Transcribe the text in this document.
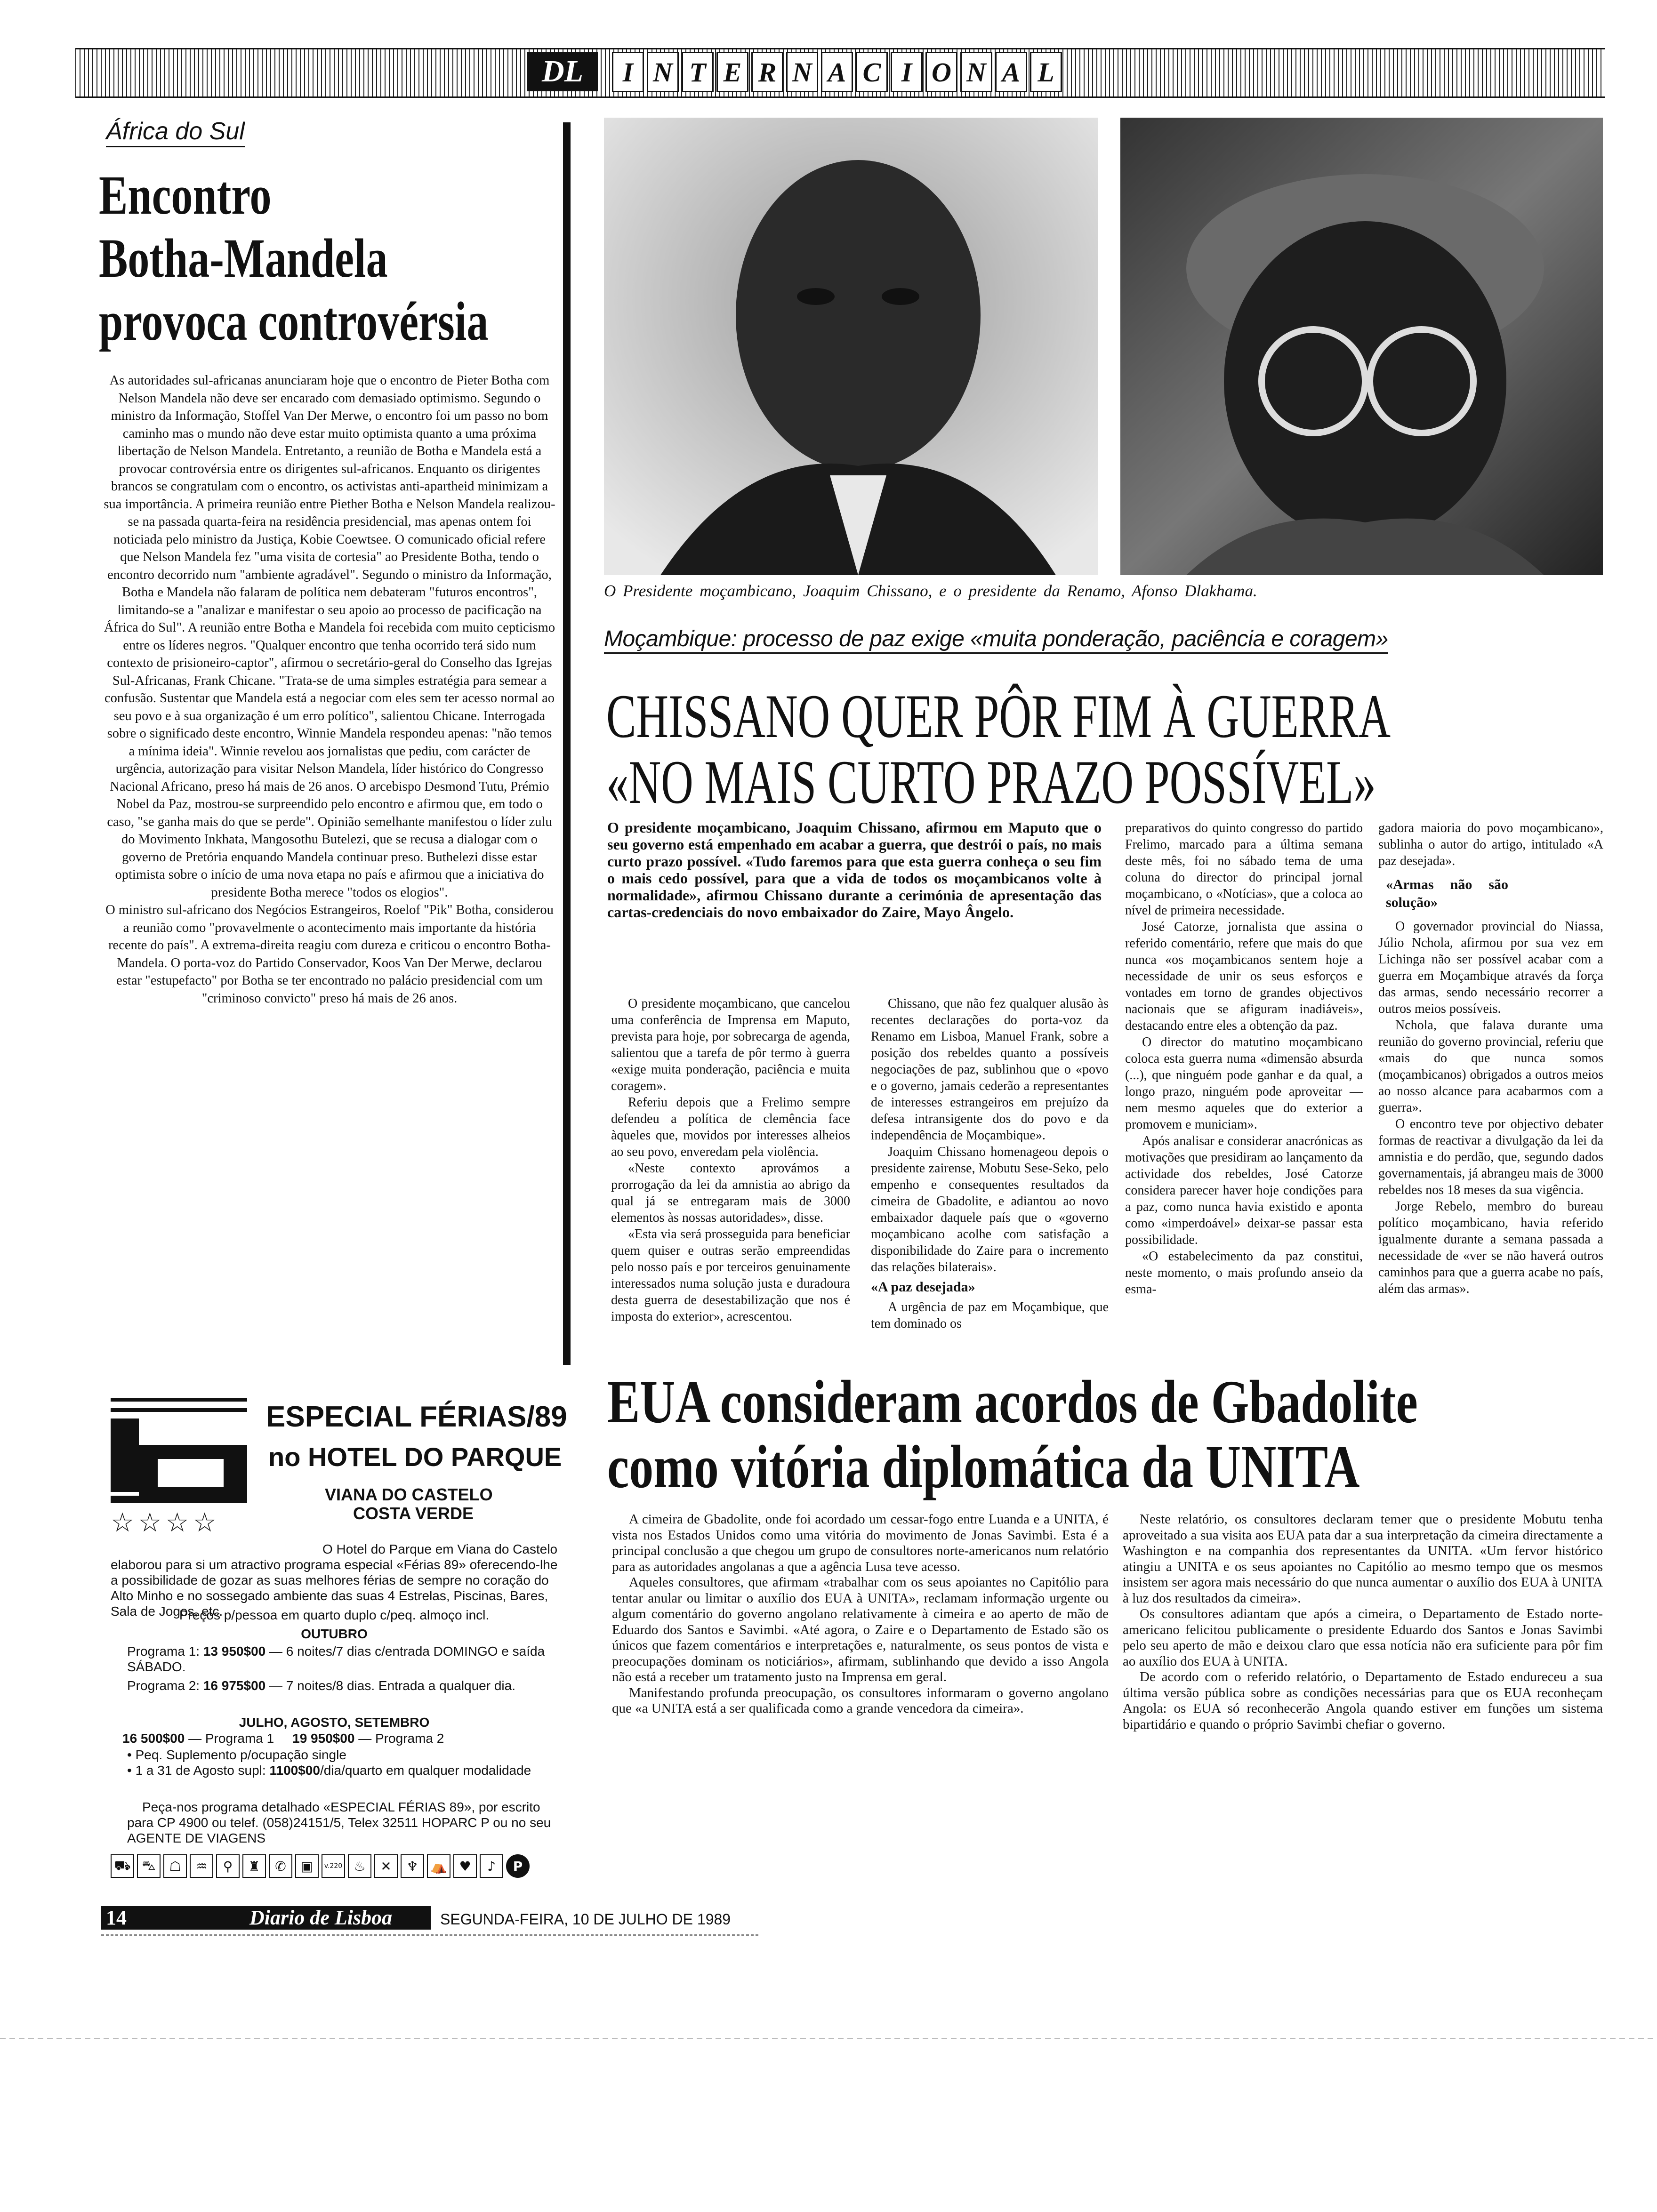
DL	I N T E R N A C I O N A L
África do Sul
Encontro
Botha-Mandela
provoca controvérsia

As autoridades sul-africanas anunciaram hoje que o encontro de Pieter Botha com Nelson Mandela não deve ser encarado com demasiado optimismo. Segundo o ministro da Informação, Stoffel Van Der Merwe, o encontro foi um passo no bom caminho mas o mundo não deve estar muito optimista quanto a uma próxima libertação de Nelson Mandela. Entretanto, a reunião de Botha e Mandela está a provocar controvérsia entre os dirigentes sul-africanos. Enquanto os dirigentes brancos se congratulam com o encontro, os activistas anti-apartheid minimizam a sua importância. A primeira reunião entre Piether Botha e Nelson Mandela realizou-se na passada quarta-feira na residência presidencial, mas apenas ontem foi noticiada pelo ministro da Justiça, Kobie Coewtsee. O comunicado oficial refere que Nelson Mandela fez "uma visita de cortesia" ao Presidente Botha, tendo o encontro decorrido num "ambiente agradável". Segundo o ministro da Informação, Botha e Mandela não falaram de política nem debateram "futuros encontros", limitando-se a "analizar e manifestar o seu apoio ao processo de pacificação na África do Sul". A reunião entre Botha e Mandela foi recebida com muito cepticismo entre os líderes negros. "Qualquer encontro que tenha ocorrido terá sido num contexto de prisioneiro-captor", afirmou o secretário-geral do Conselho das Igrejas Sul-Africanas, Frank Chicane. "Trata-se de uma simples estratégia para semear a confusão. Sustentar que Mandela está a negociar com eles sem ter acesso normal ao seu povo e à sua organização é um erro político", salientou Chicane. Interrogada sobre o significado deste encontro, Winnie Mandela respondeu apenas: "não temos a mínima ideia". Winnie revelou aos jornalistas que pediu, com carácter de urgência, autorização para visitar Nelson Mandela, líder histórico do Congresso Nacional Africano, preso há mais de 26 anos. O arcebispo Desmond Tutu, Prémio Nobel da Paz, mostrou-se surpreendido pelo encontro e afirmou que, em todo o caso, "se ganha mais do que se perde". Opinião semelhante manifestou o líder zulu do Movimento Inkhata, Mangosothu Butelezi, que se recusa a dialogar com o governo de Pretória enquando Mandela continuar preso. Buthelezi disse estar optimista sobre o início de uma nova etapa no país e afirmou que a iniciativa do presidente Botha merece "todos os elogios".

O ministro sul-africano dos Negócios Estrangeiros, Roelof "Pik" Botha, considerou a reunião como "provavelmente o acontecimento mais importante da história recente do país". A extrema-direita reagiu com dureza e criticou o encontro Botha-Mandela. O porta-voz do Partido Conservador, Koos Van Der Merwe, declarou estar "estupefacto" por Botha se ter encontrado no palácio presidencial com um "criminoso convicto" preso há mais de 26 anos.

O Presidente moçambicano, Joaquim Chissano, e o presidente da Renamo, Afonso Dlakhama.
Moçambique: processo de paz exige «muita ponderação, paciência e coragem»
CHISSANO QUER PÔR FIM À GUERRA
«NO MAIS CURTO PRAZO POSSÍVEL»
O presidente moçambicano, Joaquim Chissano, afirmou em Maputo que o seu governo está empenhado em acabar a guerra, que destrói o país, no mais curto prazo possível. «Tudo faremos para que esta guerra conheça o seu fim o mais cedo possível, para que a vida de todos os moçambicanos volte à normalidade», afirmou Chissano durante a cerimónia de apresentação das cartas-credenciais do novo embaixador do Zaire, Mayo Ângelo.

O presidente moçambicano, que cancelou uma conferência de Imprensa em Maputo, prevista para hoje, por sobrecarga de agenda, salientou que a tarefa de pôr termo à guerra «exige muita ponderação, paciência e muita coragem».

Referiu depois que a Frelimo sempre defendeu a política de clemência face àqueles que, movidos por interesses alheios ao seu povo, enveredam pela violência.

«Neste contexto aprovámos a prorrogação da lei da amnistia ao abrigo da qual já se entregaram mais de 3000 elementos às nossas autoridades», disse.

«Esta via será prosseguida para beneficiar quem quiser e outras serão empreendidas pelo nosso país e por terceiros genuinamente interessados numa solução justa e duradoura desta guerra de desestabilização que nos é imposta do exterior», acrescentou.

Chissano, que não fez qualquer alusão às recentes declarações do porta-voz da Renamo em Lisboa, Manuel Frank, sobre a posição dos rebeldes quanto a possíveis negociações de paz, sublinhou que o «povo e o governo, jamais cederão a representantes de interesses estrangeiros em prejuízo da defesa intransigente dos do povo e da independência de Moçambique».

Joaquim Chissano homenageou depois o presidente zairense, Mobutu Sese-Seko, pelo empenho e consequentes resultados da cimeira de Gbadolite, e adiantou ao novo embaixador daquele país que o «governo moçambicano acolhe com satisfação a disponibilidade do Zaire para o incremento das relações bilaterais».

«A paz desejada»

A urgência de paz em Moçambique, que tem dominado os

preparativos do quinto congresso do partido Frelimo, marcado para a última semana deste mês, foi no sábado tema de uma coluna do director do principal jornal moçambicano, o «Notícias», que a coloca ao nível de primeira necessidade.

José Catorze, jornalista que assina o referido comentário, refere que mais do que nunca «os moçambicanos sentem hoje a necessidade de unir os seus esforços e vontades em torno de grandes objectivos nacionais que se afiguram inadiáveis», destacando entre eles a obtenção da paz.

O director do matutino moçambicano coloca esta guerra numa «dimensão absurda (...), que ninguém pode ganhar e da qual, a longo prazo, ninguém pode aproveitar — nem mesmo aqueles que do exterior a promovem e municiam».

Após analisar e considerar anacrónicas as motivações que presidiram ao lançamento da actividade dos rebeldes, José Catorze considera parecer haver hoje condições para a paz, como nunca havia existido e aponta como «imperdoável» deixar-se passar esta possibilidade.

«O estabelecimento da paz constitui, neste momento, o mais profundo anseio da esma-

gadora maioria do povo moçambicano», sublinha o autor do artigo, intitulado «A paz desejada».

«Armas não são solução»

O governador provincial do Niassa, Júlio Nchola, afirmou por sua vez em Lichinga não ser possível acabar com a guerra em Moçambique através da força das armas, sendo necessário recorrer a outros meios possíveis.

Nchola, que falava durante uma reunião do governo provincial, referiu que «mais do que nunca somos (moçambicanos) obrigados a outros meios ao nosso alcance para acabarmos com a guerra».

O encontro teve por objectivo debater formas de reactivar a divulgação da lei da amnistia e do perdão, que, segundo dados governamentais, já abrangeu mais de 3000 rebeldes nos 18 meses da sua vigência.

Jorge Rebelo, membro do bureau político moçambicano, havia referido igualmente durante a semana passada a necessidade de «ver se não haverá outros caminhos para que a guerra acabe no país, além das armas».

ESPECIAL FÉRIAS/89
no HOTEL DO PARQUE
VIANA DO CASTELO
COSTA VERDE
☆☆☆☆
O Hotel do Parque em Viana do Castelo elaborou para si um atractivo programa especial «Férias 89» oferecendo-lhe a possibilidade de gozar as suas melhores férias de sempre no coração do Alto Minho e no sossegado ambiente das suas 4 Estrelas, Piscinas, Bares, Sala de Jogos, etc.
Preços p/pessoa em quarto duplo c/peq. almoço incl.
OUTUBRO
Programa 1: 13 950$00 — 6 noites/7 dias c/entrada DOMINGO e saída SÁBADO.
Programa 2: 16 975$00 — 7 noites/8 dias. Entrada a qualquer dia.
JULHO, AGOSTO, SETEMBRO
16 500$00 — Programa 1 19 950$00 — Programa 2
• Peq. Suplemento p/ocupação single
• 1 a 31 de Agosto supl: 1100$00/dia/quarto em qualquer modalidade
Peça-nos programa detalhado «ESPECIAL FÉRIAS 89», por escrito para CP 4900 ou telef. (058)24151/5, Telex 32511 HOPARC P ou no seu AGENTE DE VIAGENS
⛟ ⛍	☖	♒	⚲	♜	✆	▣	v.220 ♨	✕	♆ ⛺ ♥	♪	P
EUA consideram acordos de Gbadolite
como vitória diplomática da UNITA

A cimeira de Gbadolite, onde foi acordado um cessar-fogo entre Luanda e a UNITA, é vista nos Estados Unidos como uma vitória do movimento de Jonas Savimbi. Esta é a principal conclusão a que chegou um grupo de consultores norte-americanos num relatório para as autoridades angolanas a que a agência Lusa teve acesso.

Aqueles consultores, que afirmam «trabalhar com os seus apoiantes no Capitólio para tentar anular ou limitar o auxílio dos EUA à UNITA», reclamam informação urgente ou algum comentário do governo angolano relativamente à cimeira e ao aperto de mão de Eduardo dos Santos e Savimbi. «Até agora, o Zaire e o Departamento de Estado são os únicos que fazem comentários e interpretações e, naturalmente, os seus pontos de vista e preocupações dominam os noticiários», afirmam, sublinhando que devido a isso Angola não está a receber um tratamento justo na Imprensa em geral.

Manifestando profunda preocupação, os consultores informaram o governo angolano que «a UNITA está a ser qualificada como a grande vencedora da cimeira».

Neste relatório, os consultores declaram temer que o presidente Mobutu tenha aproveitado a sua visita aos EUA pata dar a sua interpretação da cimeira directamente a Washington e na companhia dos representantes da UNITA. «Um fervor histórico atingiu a UNITA e os seus apoiantes no Capitólio ao mesmo tempo que os mesmos insistem ser agora mais necessário do que nunca aumentar o auxílio dos EUA à UNITA à luz dos resultados da cimeira».

Os consultores adiantam que após a cimeira, o Departamento de Estado norte-americano felicitou publicamente o presidente Eduardo dos Santos e Jonas Savimbi pelo seu aperto de mão e deixou claro que essa notícia não era suficiente para pôr fim ao auxílio dos EUA à UNITA.

De acordo com o referido relatório, o Departamento de Estado endureceu a sua última versão pública sobre as condições necessárias para que os EUA reconheçam Angola: os EUA só reconhecerão Angola quando estiver em funções um sistema bipartidário e quando o próprio Savimbi chefiar o governo.

14	Diario de Lisboa	SEGUNDA-FEIRA, 10 DE JULHO DE 1989
